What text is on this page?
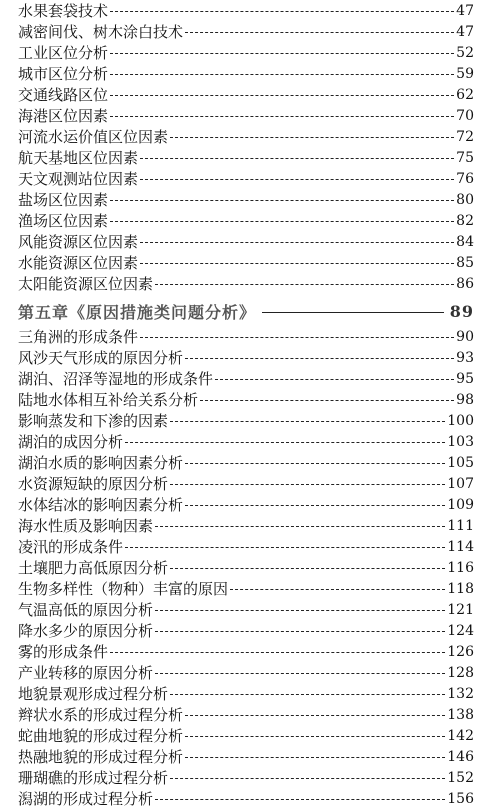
水果套袋技术	47
减密间伐、树木涂白技术	47
工业区位分析	52
城市区位分析	59
交通线路区位	62
海港区位因素	70
河流水运价值区位因素	72
航天基地区位因素	75
天文观测站位因素	76
盐场区位因素	80
渔场区位因素	82
风能资源区位因素	84
水能资源区位因素	85
太阳能资源区位因素	86
第五章《原因措施类问题分析》	89
三角洲的形成条件	90
风沙天气形成的原因分析	93
湖泊、沼泽等湿地的形成条件	95
陆地水体相互补给关系分析	98
影响蒸发和下渗的因素	100
湖泊的成因分析	103
湖泊水质的影响因素分析	105
水资源短缺的原因分析	107
水体结冰的影响因素分析	109
海水性质及影响因素	111
凌汛的形成条件	114
土壤肥力高低原因分析	116
生物多样性（物种）丰富的原因	118
气温高低的原因分析	121
降水多少的原因分析	124
雾的形成条件	126
产业转移的原因分析	128
地貌景观形成过程分析	132
辫状水系的形成过程分析	138
蛇曲地貌的形成过程分析	142
热融地貌的形成过程分析	146
珊瑚礁的形成过程分析	152
潟湖的形成过程分析	156
